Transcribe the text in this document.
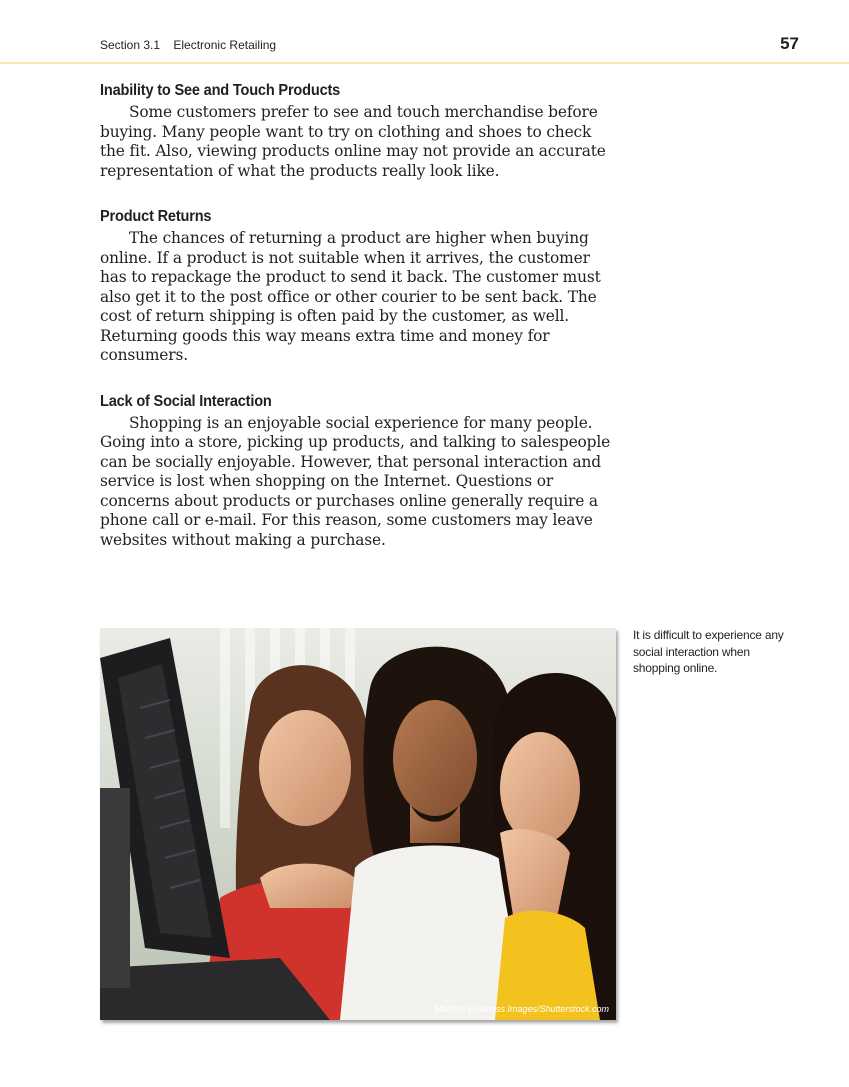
Section 3.1    Electronic Retailing	57
Inability to See and Touch Products

Some customers prefer to see and touch merchandise before buying. Many people want to try on clothing and shoes to check the fit. Also, viewing products online may not provide an accurate representation of what the products really look like.

Product Returns

The chances of returning a product are higher when buying online. If a product is not suitable when it arrives, the customer has to repackage the product to send it back. The customer must also get it to the post office or other courier to be sent back. The cost of return shipping is often paid by the customer, as well. Returning goods this way means extra time and money for consumers.

Lack of Social Interaction

Shopping is an enjoyable social experience for many people. Going into a store, picking up products, and talking to salespeople can be socially enjoyable. However, that personal interaction and service is lost when shopping on the Internet. Questions or concerns about products or purchases online generally require a phone call or e-mail. For this reason, some customers may leave websites without making a purchase.

Monkey Business Images/Shutterstock.com
It is difficult to experience any social interaction when shopping online.
